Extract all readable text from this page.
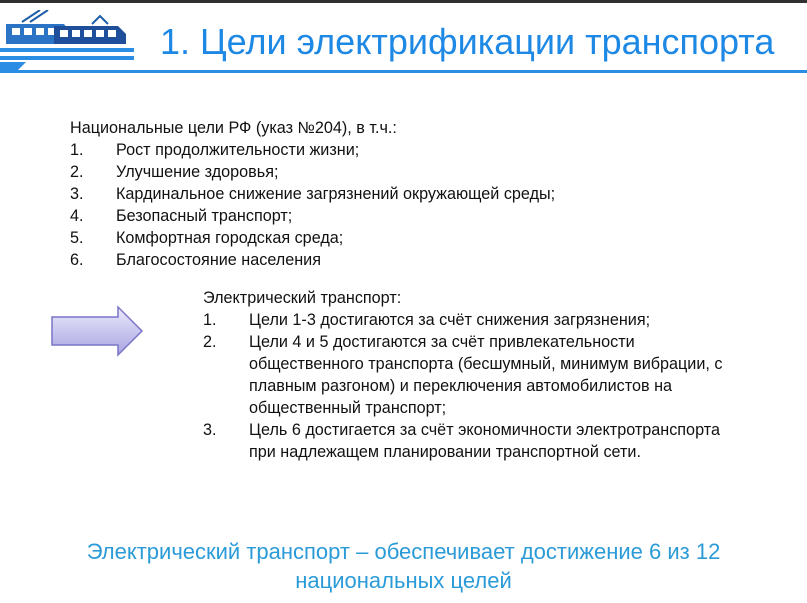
1. Цели электрификации транспорта
Национальные цели РФ (указ №204), в т.ч.:
1.	Рост продолжительности жизни;
2.	Улучшение здоровья;
3.	Кардинальное снижение загрязнений окружающей среды;
4.	Безопасный транспорт;
5.	Комфортная городская среда;
6.	Благосостояние населения
Электрический транспорт:
1.	Цели 1-3 достигаются за счёт снижения загрязнения;
2.	Цели 4 и 5 достигаются за счёт привлекательности общественного транспорта (бесшумный, минимум вибрации, с плавным разгоном) и переключения автомобилистов на общественный транспорт;
3.	Цель 6 достигается за счёт экономичности электротранспорта при надлежащем планировании транспортной сети.
Электрический транспорт – обеспечивает достижение 6 из 12
национальных целей
